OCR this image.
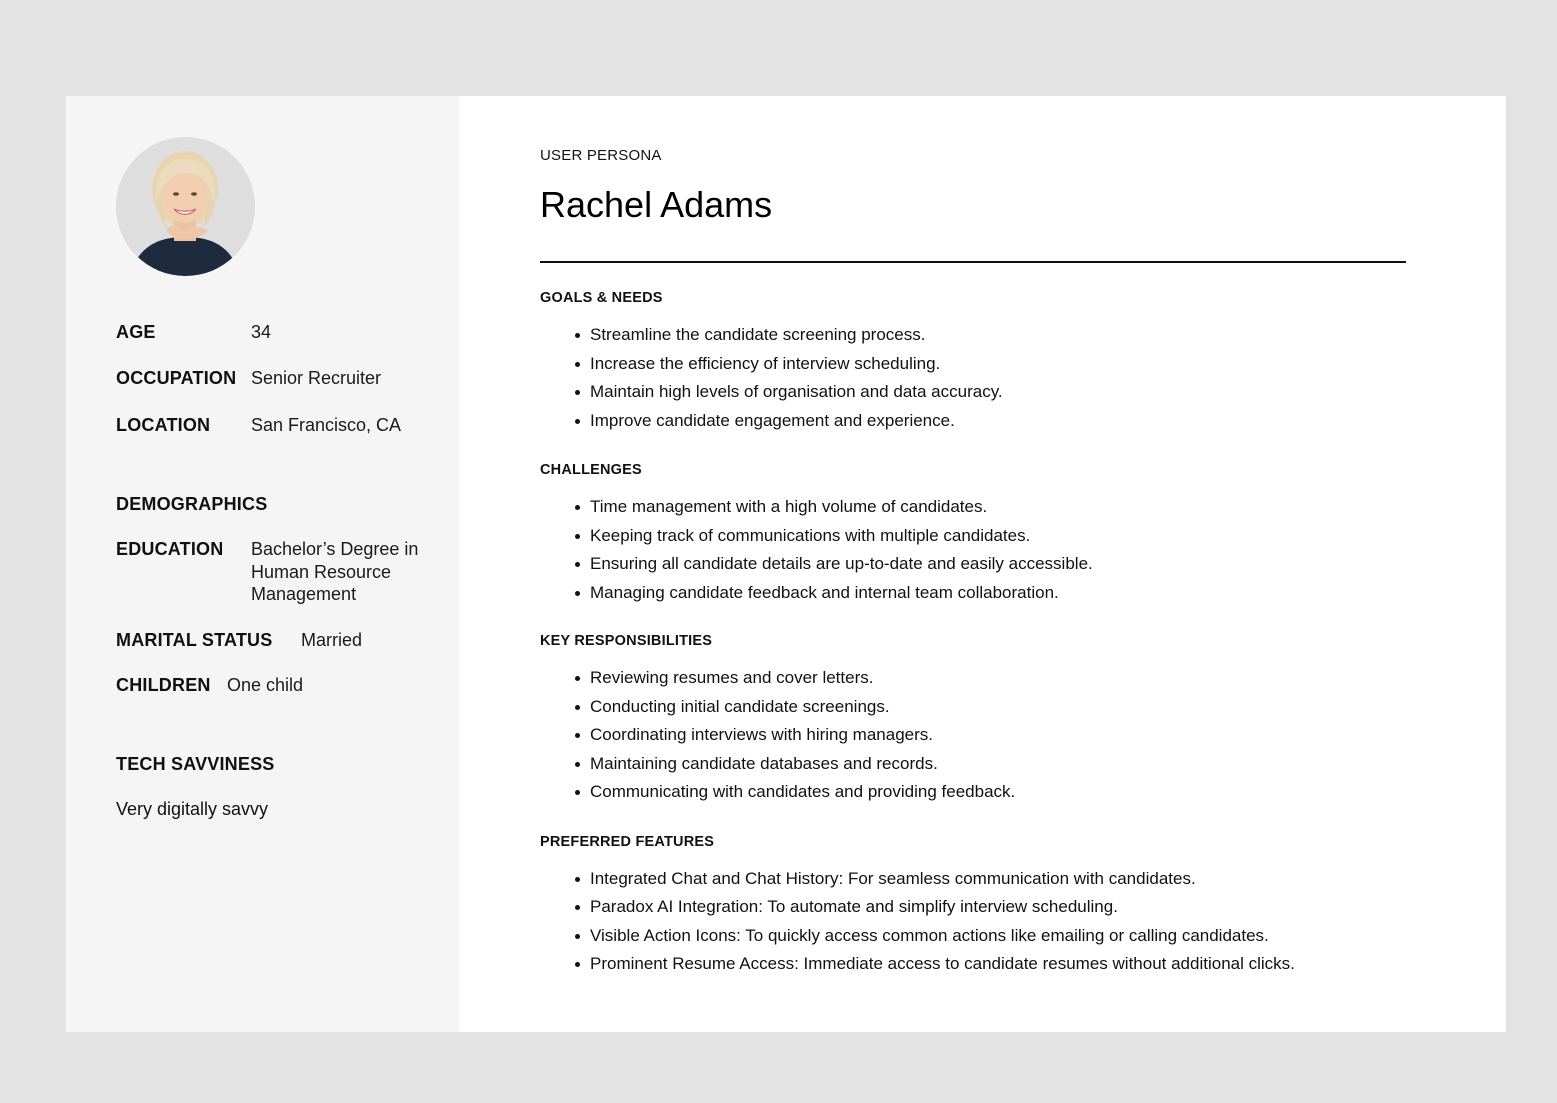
AGE	34
OCCUPATION Senior Recruiter
LOCATION	San Francisco, CA
DEMOGRAPHICS
EDUCATION	Bachelor’s Degree in Human Resource Management
MARITAL STATUS	Married
CHILDREN One child
TECH SAVVINESS
Very digitally savvy
USER PERSONA
Rachel Adams
GOALS & NEEDS
Streamline the candidate screening process.
Increase the efficiency of interview scheduling.
Maintain high levels of organisation and data accuracy.
Improve candidate engagement and experience.
CHALLENGES
Time management with a high volume of candidates.
Keeping track of communications with multiple candidates.
Ensuring all candidate details are up-to-date and easily accessible.
Managing candidate feedback and internal team collaboration.
KEY RESPONSIBILITIES
Reviewing resumes and cover letters.
Conducting initial candidate screenings.
Coordinating interviews with hiring managers.
Maintaining candidate databases and records.
Communicating with candidates and providing feedback.
PREFERRED FEATURES
Integrated Chat and Chat History: For seamless communication with candidates.
Paradox AI Integration: To automate and simplify interview scheduling.
Visible Action Icons: To quickly access common actions like emailing or calling candidates.
Prominent Resume Access: Immediate access to candidate resumes without additional clicks.
